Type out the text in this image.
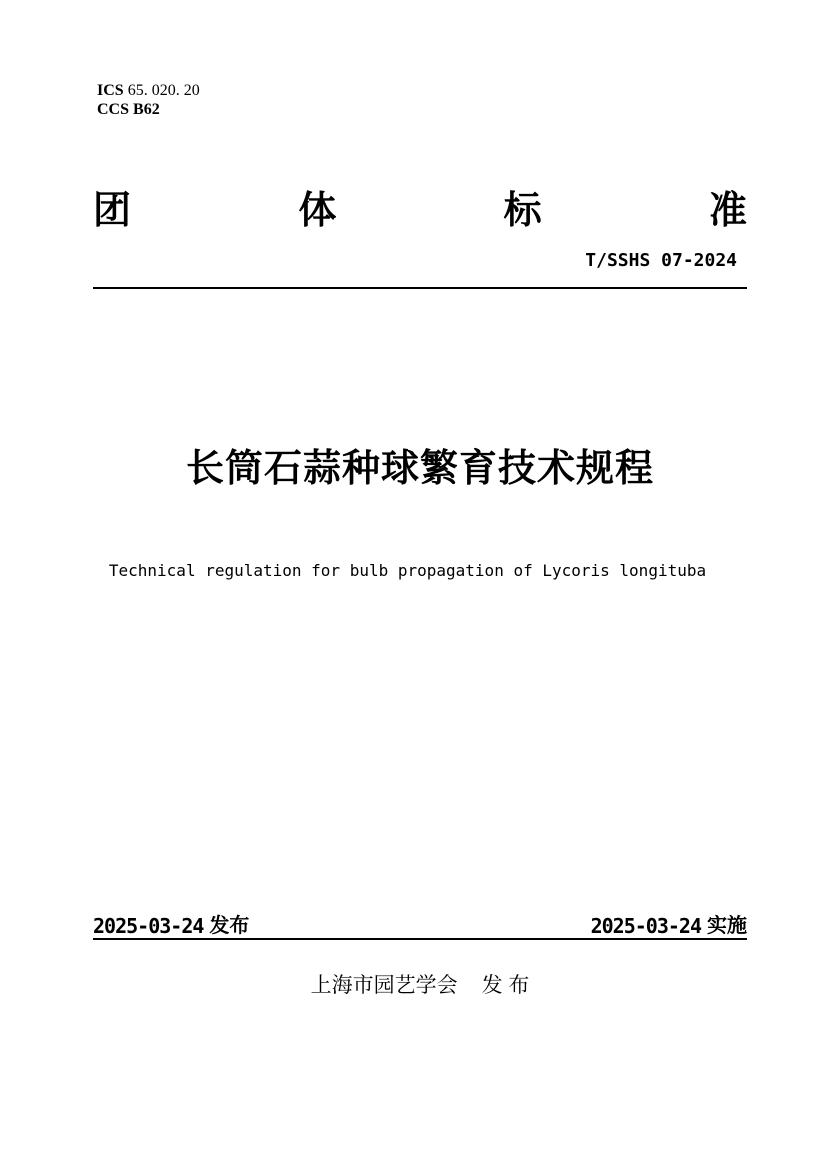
ICS 65. 020. 20
CCS B62
团	体	标	准
T/SSHS 07-2024
长筒石蒜种球繁育技术规程
Technical regulation for bulb propagation of Lycoris longituba
2025-03-24 发布	2025-03-24 实施
上海市园艺学会 发 布
